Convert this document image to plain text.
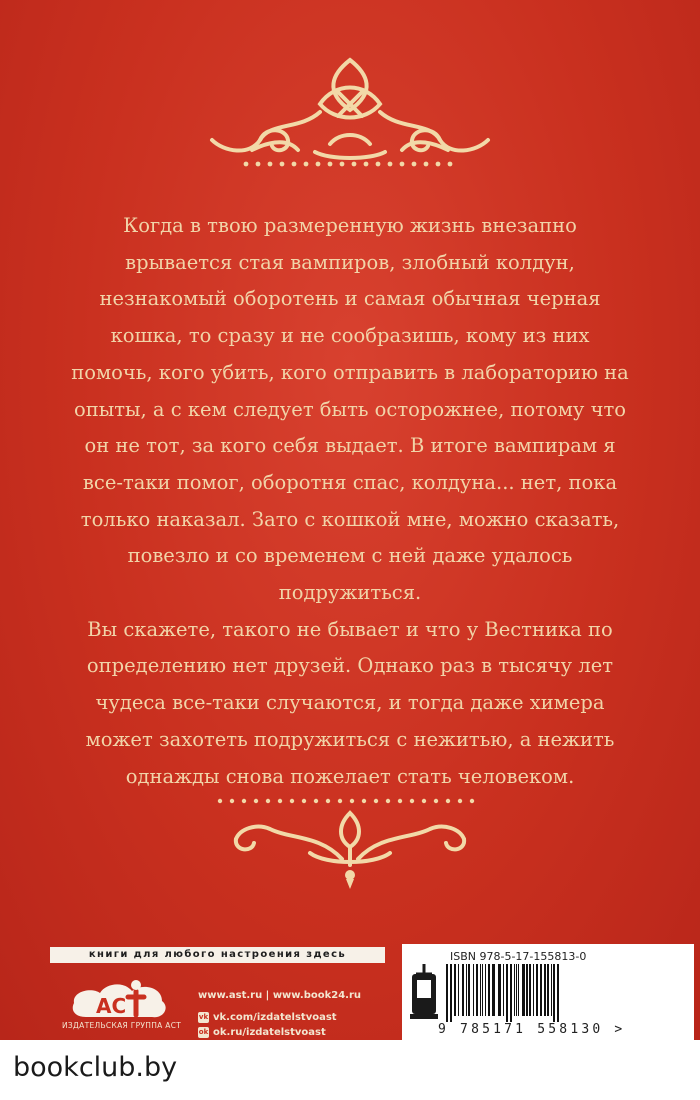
Когда в твою размеренную жизнь внезапно врывается стая вампиров, злобный колдун, незнакомый оборотень и самая обычная черная кошка, то сразу и не сообразишь, кому из них помочь, кого убить, кого отправить в лабораторию на опыты, а с кем следует быть осторожнее, потому что он не тот, за кого себя выдает. В итоге вампирам я все-таки помог, оборотня спас, колдуна... нет, пока только наказал. Зато с кошкой мне, можно сказать, повезло и со временем с ней даже удалось подружиться.

Вы скажете, такого не бывает и что у Вестника по определению нет друзей. Однако раз в тысячу лет чудеса все-таки случаются, и тогда даже химера может захотеть подружиться с нежитью, а нежить однажды снова пожелает стать человеком.

книги для любого настроения здесь
AC
ИЗДАТЕЛЬСКАЯ ГРУППА АСТ
www.ast.ru | www.book24.ru
vk vk.com/izdatelstvoast
ok ok.ru/izdatelstvoast
ISBN 978-5-17-155813-0
9 785171 558130 >
bookclub.by
